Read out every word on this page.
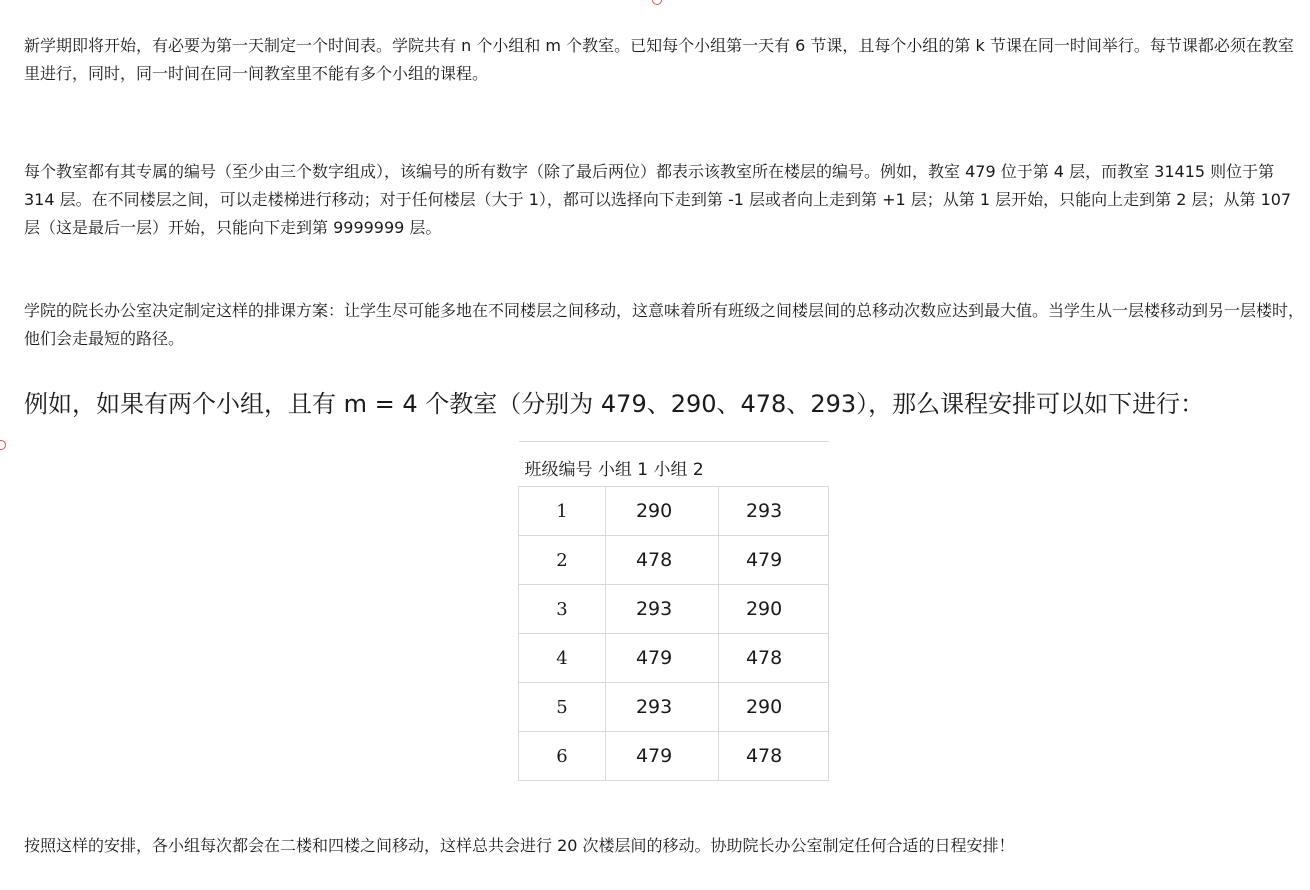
新学期即将开始，有必要为第一天制定一个时间表。学院共有 n 个小组和 m 个教室。已知每个小组第一天有 6 节课，且每个小组的第 k 节课在同一时间举行。每节课都必须在教室里进行，同时，同一时间在同一间教室里不能有多个小组的课程。

每个教室都有其专属的编号（至少由三个数字组成），该编号的所有数字（除了最后两位）都表示该教室所在楼层的编号。例如，教室 479 位于第 4 层，而教室 31415 则位于第 314 层。在不同楼层之间，可以走楼梯进行移动；对于任何楼层（大于 1），都可以选择向下走到第 -1 层或者向上走到第 +1 层；从第 1 层开始，只能向上走到第 2 层；从第 107 层（这是最后一层）开始，只能向下走到第 9999999 层。

学院的院长办公室决定制定这样的排课方案：让学生尽可能多地在不同楼层之间移动，这意味着所有班级之间楼层间的总移动次数应达到最大值。当学生从一层楼移动到另一层楼时，他们会走最短的路径。

例如，如果有两个小组，且有 m = 4 个教室（分别为 479、290、478、293），那么课程安排可以如下进行：

班级编号 小组 1 小组 2		

1	290	293
2	478	479
3	293	290
4	479	478
5	293	290
6	479	478

按照这样的安排，各小组每次都会在二楼和四楼之间移动，这样总共会进行 20 次楼层间的移动。协助院长办公室制定任何合适的日程安排！
